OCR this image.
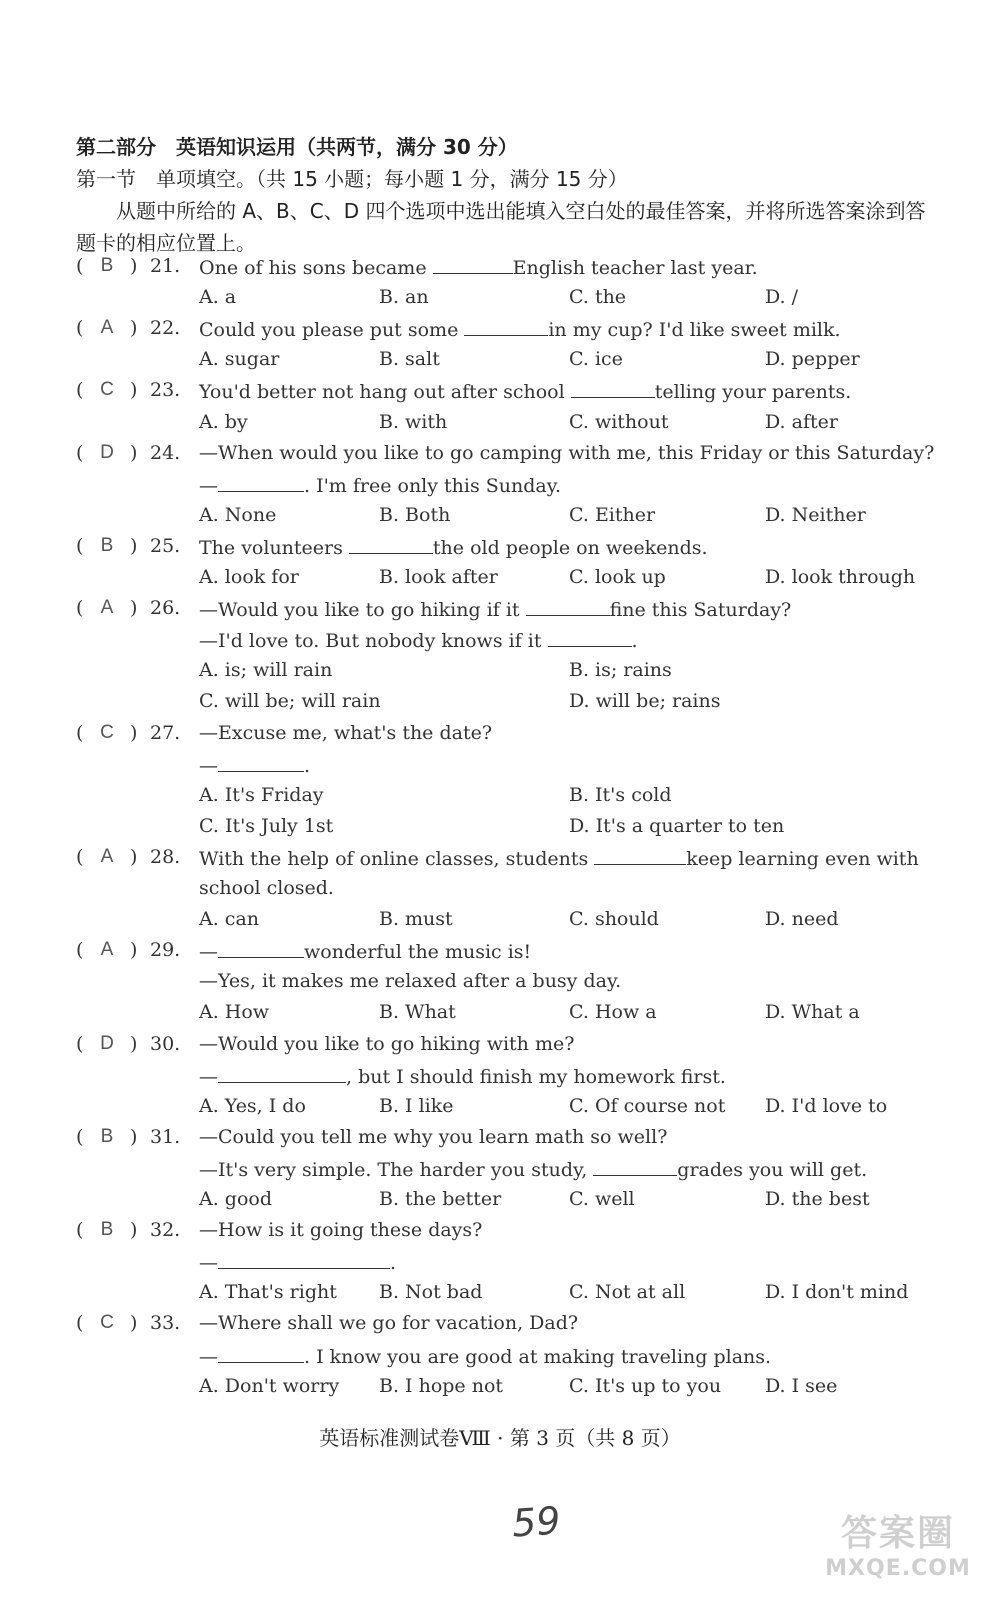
第二部分　英语知识运用（共两节，满分 30 分）
第一节　单项填空。（共 15 小题；每小题 1 分，满分 15 分）
从题中所给的 A、B、C、D 四个选项中选出能填入空白处的最佳答案，并将所选答案涂到答题卡的相应位置上。
( B ) 21. One of his sons became	English teacher last year.
A. a	B. an	C. the	D. /
( A ) 22. Could you please put some	in my cup? I'd like sweet milk.
A. sugar	B. salt	C. ice	D. pepper
( C ) 23. You'd better not hang out after school	telling your parents.
A. by	B. with	C. without	D. after
( D ) 24. —When would you like to go camping with me, this Friday or this Saturday?
—	. I'm free only this Sunday.
A. None	B. Both	C. Either	D. Neither
( B ) 25. The volunteers	the old people on weekends.
A. look for	B. look after	C. look up	D. look through
( A ) 26. —Would you like to go hiking if it	fine this Saturday?
—I'd love to. But nobody knows if it	.
A. is; will rain	B. is; rains
C. will be; will rain	D. will be; rains
( C ) 27. —Excuse me, what's the date?
—	.
A. It's Friday	B. It's cold
C. It's July 1st	D. It's a quarter to ten
( A ) 28. With the help of online classes, students	keep learning even with
school closed.
A. can	B. must	C. should	D. need
( A ) 29. —	wonderful the music is!
—Yes, it makes me relaxed after a busy day.
A. How	B. What	C. How a	D. What a
( D ) 30. —Would you like to go hiking with me?
—	, but I should finish my homework first.
A. Yes, I do	B. I like	C. Of course not D. I'd love to
( B ) 31. —Could you tell me why you learn math so well?
—It's very simple. The harder you study,	grades you will get.
A. good	B. the better	C. well	D. the best
( B ) 32. —How is it going these days?
—	.
A. That's right B. Not bad	C. Not at all	D. I don't mind
( C ) 33. —Where shall we go for vacation, Dad?
—	. I know you are good at making traveling plans.
A. Don't worry B. I hope not	C. It's up to you D. I see
英语标准测试卷Ⅷ · 第 3 页（共 8 页）
59	答案圈
MXQE.COM
